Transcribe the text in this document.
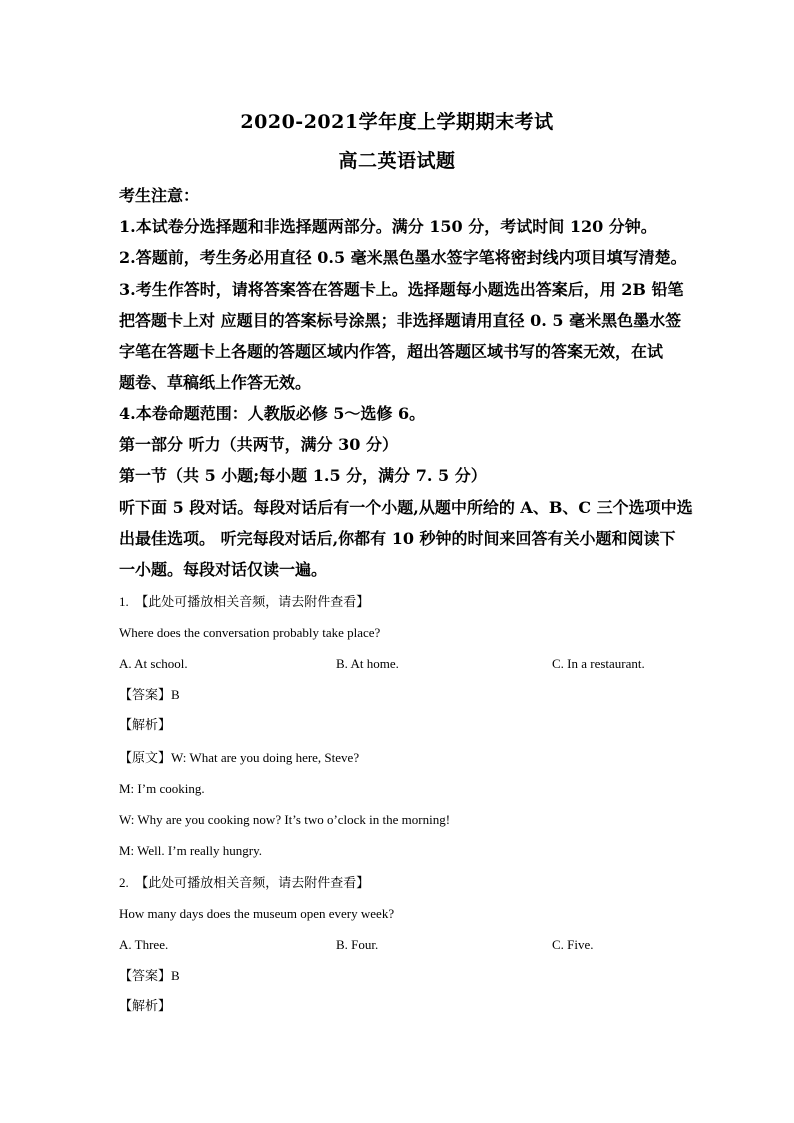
2020-2021学年度上学期期末考试
高二英语试题
考生注意：
1.本试卷分选择题和非选择题两部分。满分 150 分，考试时间 120 分钟。
2.答题前，考生务必用直径 0.5 毫米黑色墨水签字笔将密封线内项目填写清楚。
3.考生作答时，请将答案答在答题卡上。选择题每小题选出答案后，用 2B 铅笔
把答题卡上对 应题目的答案标号涂黑；非选择题请用直径 0. 5 毫米黑色墨水签
字笔在答题卡上各题的答题区域内作答，超出答题区域书写的答案无效，在试
题卷、草稿纸上作答无效。
4.本卷命题范围：人教版必修 5～选修 6。
第一部分 听力（共两节，满分 30 分）
第一节（共 5 小题;每小题 1.5 分，满分 7. 5 分）
听下面 5 段对话。每段对话后有一个小题,从题中所给的 A、B、C 三个选项中选
出最佳选项。 听完每段对话后,你都有 10 秒钟的时间来回答有关小题和阅读下
一小题。每段对话仅读一遍。
1. 【此处可播放相关音频，请去附件查看】
Where does the conversation probably take place?
A. At school.	B. At home.	C. In a restaurant.
【答案】B
【解析】
【原文】W: What are you doing here, Steve?
M: I’m cooking.
W: Why are you cooking now? It’s two o’clock in the morning!
M: Well. I’m really hungry.
2. 【此处可播放相关音频，请去附件查看】
How many days does the museum open every week?
A. Three.	B. Four.	C. Five.
【答案】B
【解析】
